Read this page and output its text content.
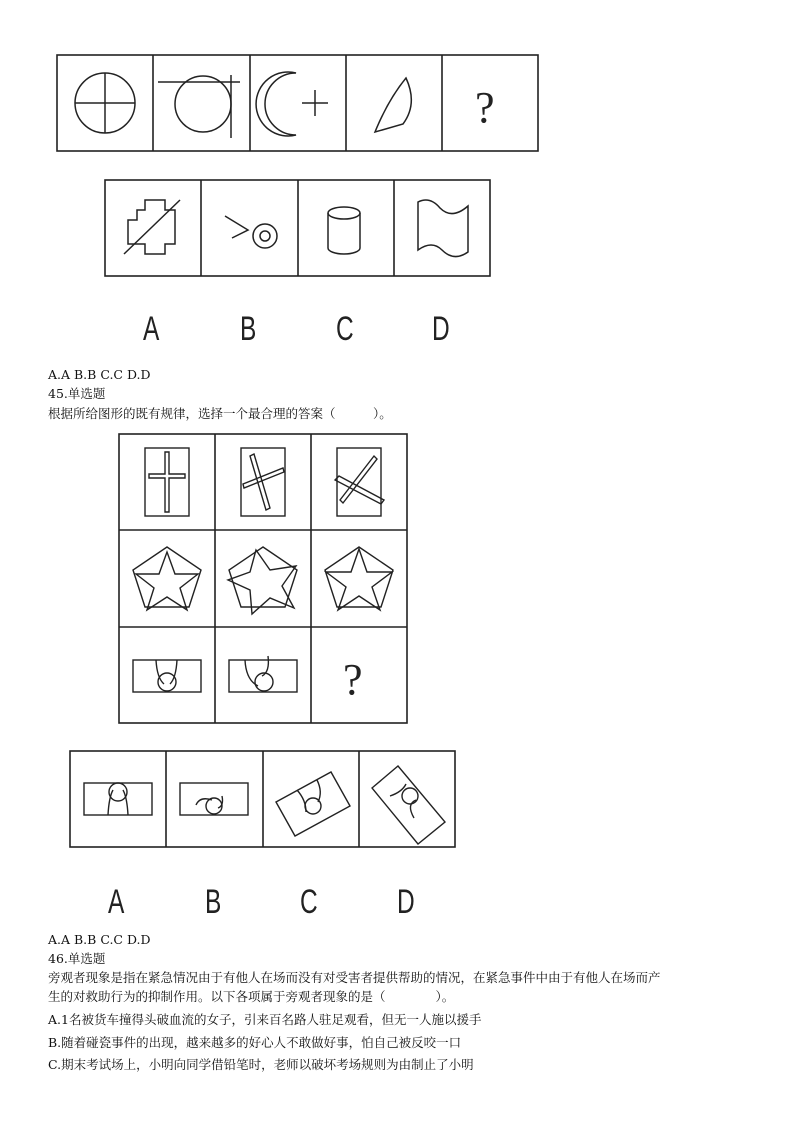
?
A B C D
A.A B.B C.C D.D
45.单选题
根据所给图形的既有规律，选择一个最合理的答案（　　　）。
?
A B C D
A.A B.B C.C D.D
46.单选题
旁观者现象是指在紧急情况由于有他人在场而没有对受害者提供帮助的情况，在紧急事件中由于有他人在场而产
生的对救助行为的抑制作用。以下各项属于旁观者现象的是（　　　　）。
A.1名被货车撞得头破血流的女子，引来百名路人驻足观看，但无一人施以援手
B.随着碰瓷事件的出现，越来越多的好心人不敢做好事，怕自己被反咬一口
C.期末考试场上，小明向同学借铅笔时，老师以破坏考场规则为由制止了小明
